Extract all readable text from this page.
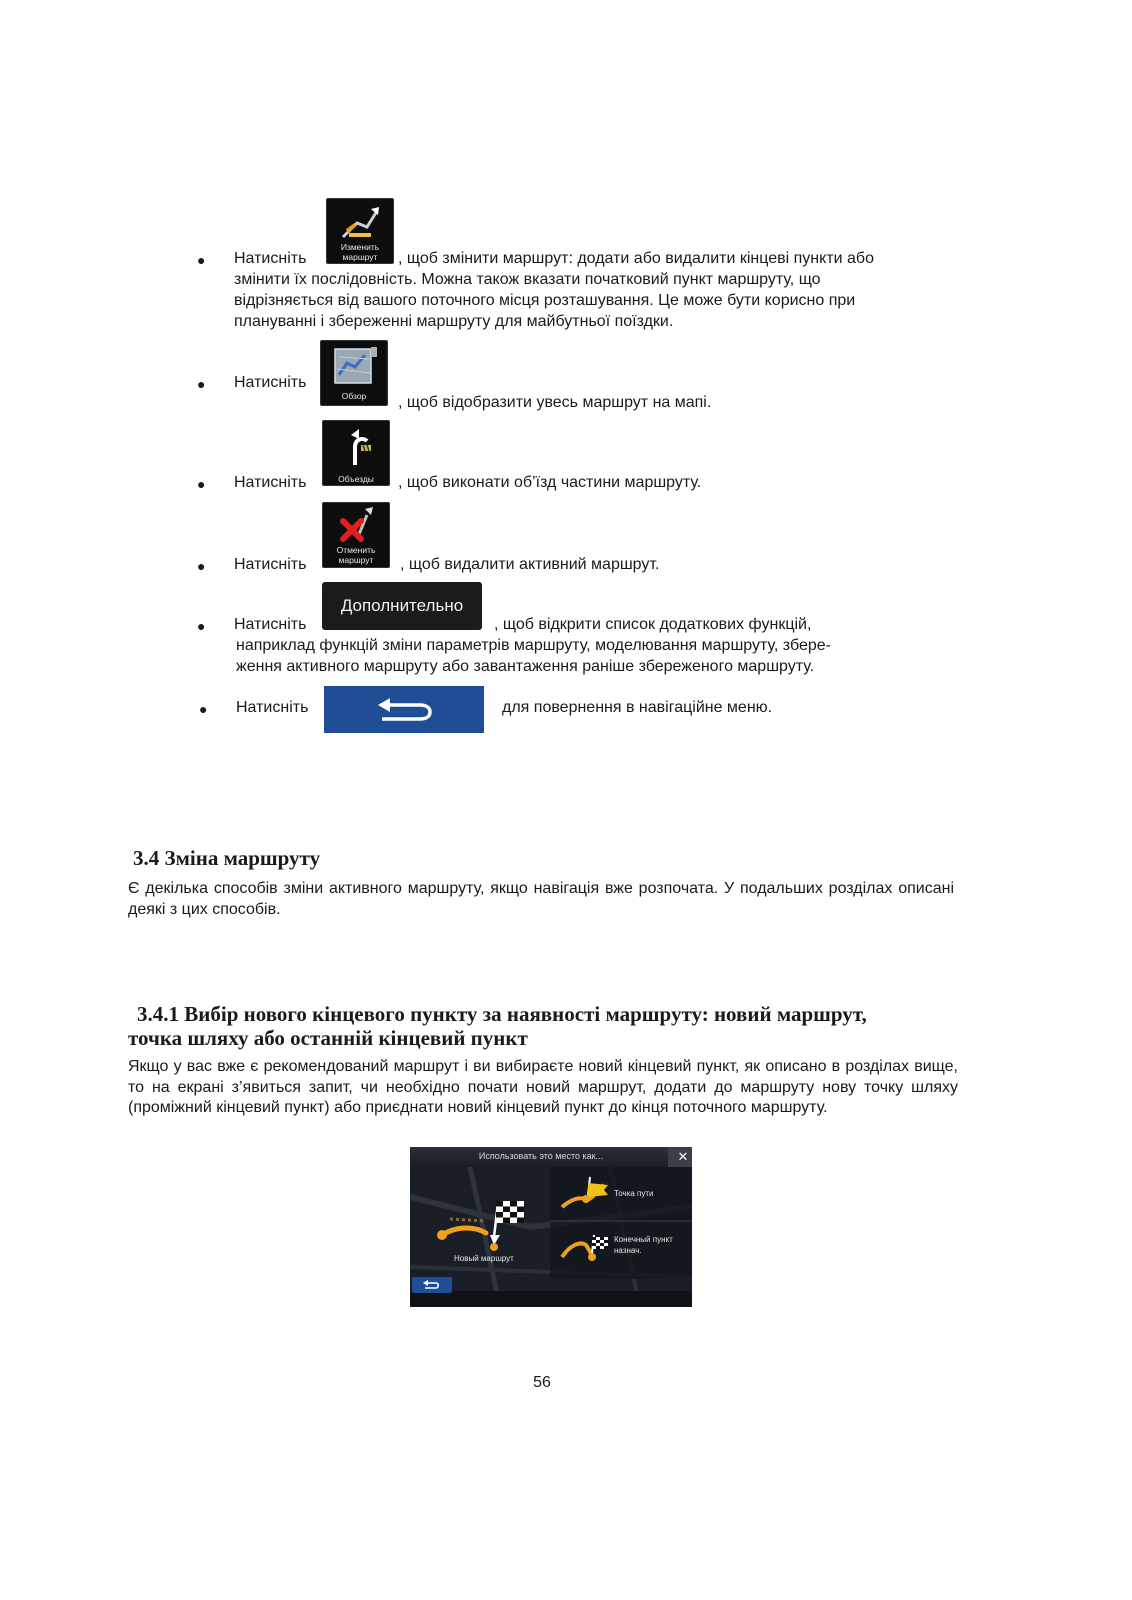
● Натисніть
Изменить
маршрут	, щоб змінити маршрут: додати або видалити кінцеві пункти або
змінити їх послідовність. Можна також вказати початковий пункт маршруту, що
відрізняється від вашого поточного місця розташування. Це може бути корисно при
плануванні і збереженні маршруту для майбутньої поїздки.
● Натисніть
Обзор	, щоб відобразити увесь маршрут на мапі.
● Натисніть	Объезды	, щоб виконати об’їзд частини маршруту.
● Натисніть
Отменить
маршрут	, щоб видалити активний маршрут.
● Натисніть
Дополнительно
, щоб відкрити список додаткових функцій,
наприклад функцій зміни параметрів маршруту, моделювання маршруту, збере-
ження активного маршруту або завантаження раніше збереженого маршруту.
● Натисніть	для повернення в навігаційне меню.
3.4 Зміна маршруту
Є декілька способів зміни активного маршруту, якщо навігація вже розпочата. У подальших розділах описані деякі з цих способів.
3.4.1 Вибір нового кінцевого пункту за наявності маршруту: новий маршрут,
точка шляху або останній кінцевий пункт
Якщо у вас вже є рекомендований маршрут і ви вибираєте новий кінцевий пункт, як описано в розділах вище, то на екрані з’явиться запит, чи необхідно почати новий маршрут, додати до маршруту нову точку шляху (проміжний кінцевий пункт) або приєднати новий кінцевий пункт до кінця поточного маршруту.
Использовать это место как...	✕
Новый маршрут
Точка пути
Конечный пункт
назнач.
56
